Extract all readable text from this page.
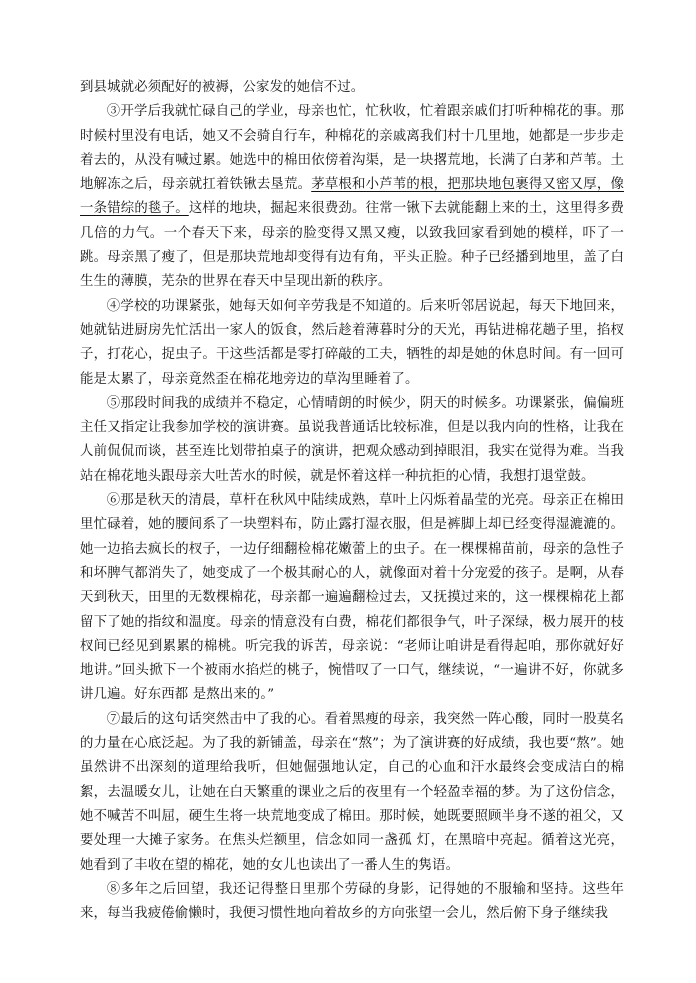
到县城就必须配好的被褥，公家发的她信不过。

③开学后我就忙碌自己的学业，母亲也忙，忙秋收，忙着跟亲戚们打听种棉花的事。那时候村里没有电话，她又不会骑自行车，种棉花的亲戚离我们村十几里地，她都是一步步走着去的，从没有喊过累。她选中的棉田依傍着沟渠，是一块撂荒地，长满了白茅和芦苇。土地解冻之后，母亲就扛着铁锹去垦荒。茅草根和小芦苇的根，把那块地包裹得又密又厚，像一条错综的毯子。这样的地块，掘起来很费劲。往常一锹下去就能翻上来的土，这里得多费几倍的力气。一个春天下来，母亲的脸变得又黑又瘦，以致我回家看到她的模样，吓了一跳。母亲黑了瘦了，但是那块荒地却变得有边有角，平头正脸。种子已经播到地里，盖了白生生的薄膜，芜杂的世界在春天中呈现出新的秩序。

④学校的功课紧张，她每天如何辛劳我是不知道的。后来听邻居说起，每天下地回来，她就钻进厨房先忙活出一家人的饭食，然后趁着薄暮时分的天光，再钻进棉花趟子里，掐杈子，打花心，捉虫子。干这些活都是零打碎敲的工夫，牺牲的却是她的休息时间。有一回可能是太累了，母亲竟然歪在棉花地旁边的草沟里睡着了。

⑤那段时间我的成绩并不稳定，心情晴朗的时候少，阴天的时候多。功课紧张，偏偏班主任又指定让我参加学校的演讲赛。虽说我普通话比较标准，但是以我内向的性格，让我在人前侃侃而谈，甚至连比划带拍桌子的演讲，把观众感动到掉眼泪，我实在觉得为难。当我站在棉花地头跟母亲大吐苦水的时候，就是怀着这样一种抗拒的心情，我想打退堂鼓。

⑥那是秋天的清晨，草杆在秋风中陆续成熟，草叶上闪烁着晶莹的光亮。母亲正在棉田里忙碌着，她的腰间系了一块塑料布，防止露打湿衣服，但是裤脚上却已经变得湿漉漉的。她一边掐去疯长的杈子，一边仔细翻检棉花嫩蕾上的虫子。在一棵棵棉苗前，母亲的急性子和坏脾气都消失了，她变成了一个极其耐心的人，就像面对着十分宠爱的孩子。是啊，从春天到秋天，田里的无数棵棉花，母亲都一遍遍翻检过去，又抚摸过来的，这一棵棵棉花上都留下了她的指纹和温度。母亲的情意没有白费，棉花们都很争气，叶子深绿，极力展开的枝杈间已经见到累累的棉桃。听完我的诉苦，母亲说：“老师让咱讲是看得起咱，那你就好好地讲。”回头掀下一个被雨水掐烂的桃子，惋惜叹了一口气，继续说，“一遍讲不好，你就多讲几遍。好东西都 是熬出来的。”

⑦最后的这句话突然击中了我的心。看着黑瘦的母亲，我突然一阵心酸，同时一股莫名的力量在心底泛起。为了我的新铺盖，母亲在“熬”；为了演讲赛的好成绩，我也要“熬”。她虽然讲不出深刻的道理给我听，但她倔强地认定，自己的心血和汗水最终会变成洁白的棉絮，去温暖女儿，让她在白天繁重的课业之后的夜里有一个轻盈幸福的梦。为了这份信念，她不喊苦不叫屈，硬生生将一块荒地变成了棉田。那时候，她既要照顾半身不遂的祖父，又要处理一大摊子家务。在焦头烂额里，信念如同一盏孤 灯，在黑暗中亮起。循着这光亮，她看到了丰收在望的棉花，她的女儿也读出了一番人生的隽语。

⑧多年之后回望，我还记得整日里那个劳碌的身影，记得她的不服输和坚持。这些年来，每当我疲倦偷懒时，我便习惯性地向着故乡的方向张望一会儿，然后俯下身子继续我
